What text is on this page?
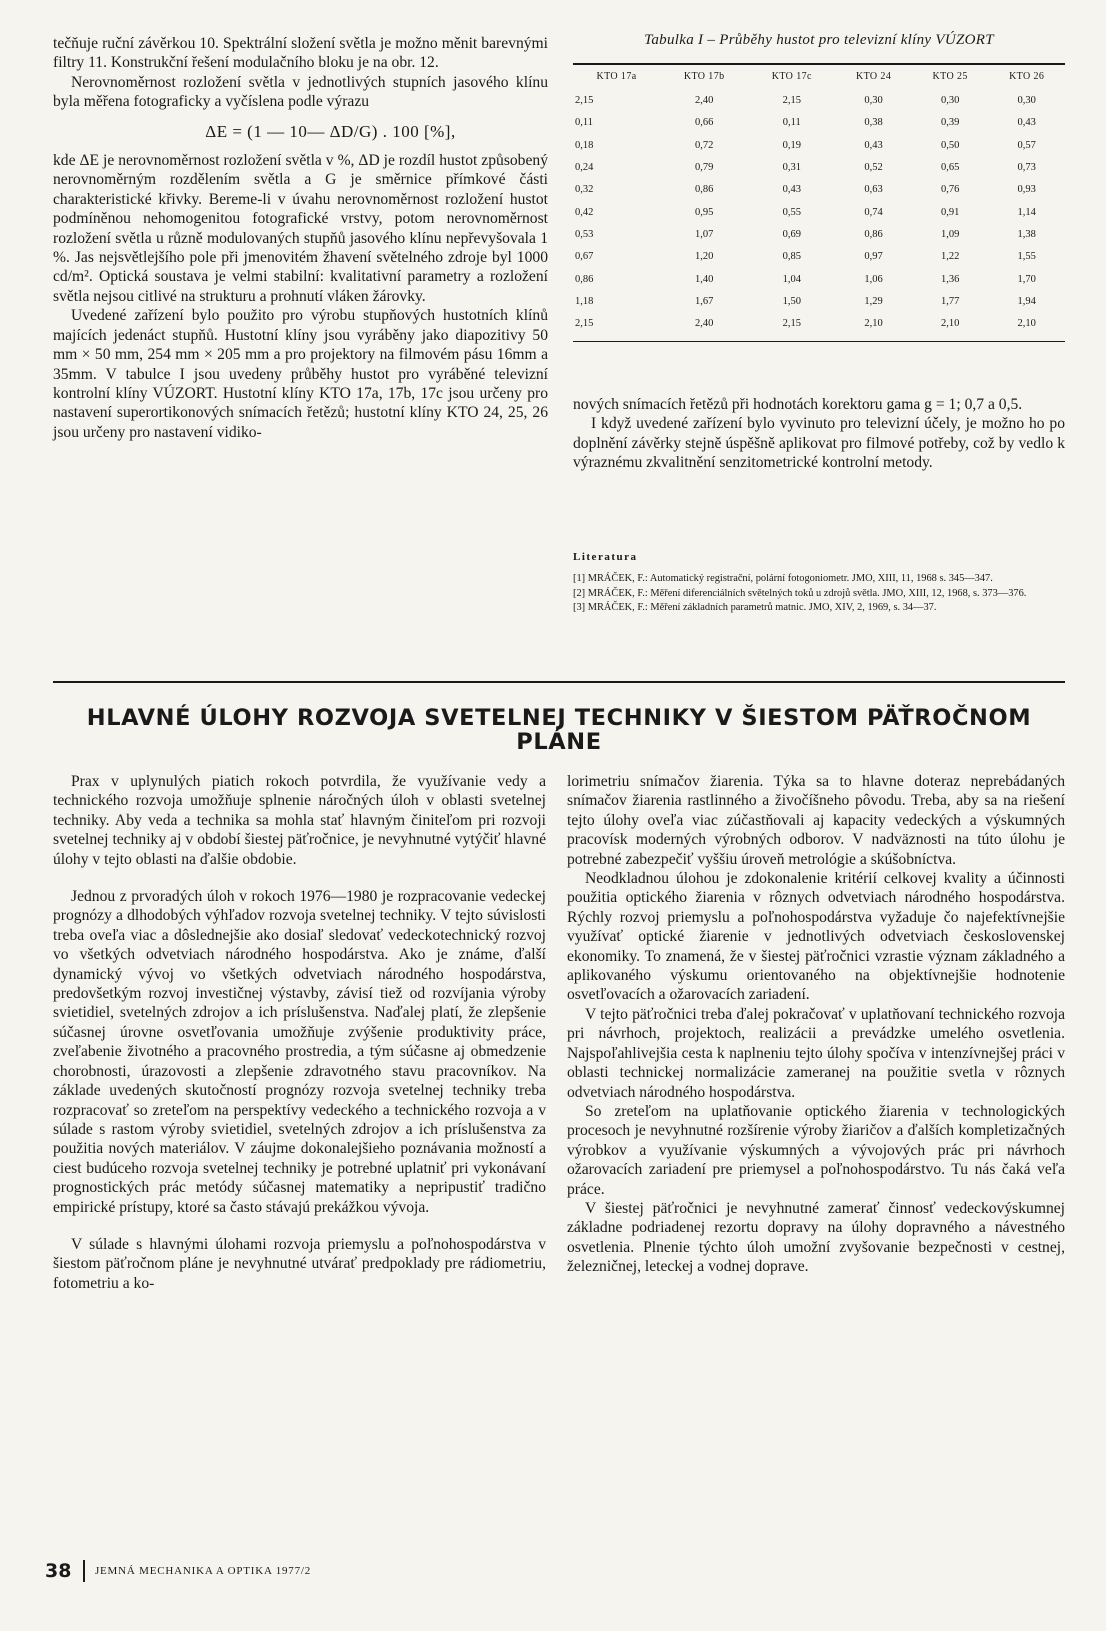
tečňuje ruční závěrkou 10. Spektrální složení světla je možno měnit barevnými filtry 11. Konstrukční řešení modulačního bloku je na obr. 12.

Nerovnoměrnost rozložení světla v jednotlivých stupních jasového klínu byla měřena fotograficky a vyčíslena podle výrazu

ΔE = (1 — 10— ΔD/G) . 100 [%],

kde ΔE je nerovnoměrnost rozložení světla v %, ΔD je rozdíl hustot způsobený nerovnoměrným rozdělením světla a G je směrnice přímkové části charakteristické křivky. Bereme-li v úvahu nerovnoměrnost rozložení hustot podmíněnou nehomogenitou fotografické vrstvy, potom nerovnoměrnost rozložení světla u různě modulovaných stupňů jasového klínu nepřevyšovala 1 %. Jas nejsvětlejšího pole při jmenovitém žhavení světelného zdroje byl 1000 cd/m². Optická soustava je velmi stabilní: kvalitativní parametry a rozložení světla nejsou citlivé na strukturu a prohnutí vláken žárovky.

Uvedené zařízení bylo použito pro výrobu stupňových hustotních klínů majících jedenáct stupňů. Hustotní klíny jsou vyráběny jako diapozitivy 50 mm × 50 mm, 254 mm × 205 mm a pro projektory na filmovém pásu 16mm a 35mm. V tabulce I jsou uvedeny průběhy hustot pro vyráběné televizní kontrolní klíny VÚZORT. Hustotní klíny KTO 17a, 17b, 17c jsou určeny pro nastavení superortikonových snímacích řetězů; hustotní klíny KTO 24, 25, 26 jsou určeny pro nastavení vidiko-

Tabulka I – Průběhy hustot pro televizní klíny VÚZORT
KTO 17a	KTO 17b	KTO 17c	KTO 24	KTO 25	KTO 26
2,15	2,40	2,15	0,30	0,30	0,30
0,11	0,66	0,11	0,38	0,39	0,43
0,18	0,72	0,19	0,43	0,50	0,57
0,24	0,79	0,31	0,52	0,65	0,73
0,32	0,86	0,43	0,63	0,76	0,93
0,42	0,95	0,55	0,74	0,91	1,14
0,53	1,07	0,69	0,86	1,09	1,38
0,67	1,20	0,85	0,97	1,22	1,55
0,86	1,40	1,04	1,06	1,36	1,70
1,18	1,67	1,50	1,29	1,77	1,94
2,15	2,40	2,15	2,10	2,10	2,10

nových snímacích řetězů při hodnotách korektoru gama g = 1; 0,7 a 0,5.

I když uvedené zařízení bylo vyvinuto pro televizní účely, je možno ho po doplnění závěrky stejně úspěšně aplikovat pro filmové potřeby, což by vedlo k výraznému zkvalitnění senzitometrické kontrolní metody.

Literatura

[1] MRÁČEK, F.: Automatický registrační, polární fotogoniometr. JMO, XIII, 11, 1968 s. 345—347.

[2] MRÁČEK, F.: Měření diferenciálních světelných toků u zdrojů světla. JMO, XIII, 12, 1968, s. 373—376.

[3] MRÁČEK, F.: Měření základních parametrů matnic. JMO, XIV, 2, 1969, s. 34—37.

HLAVNÉ ÚLOHY ROZVOJA SVETELNEJ TECHNIKY V ŠIESTOM PÄŤROČNOM
PLÁNE

Prax v uplynulých piatich rokoch potvrdila, že využívanie vedy a technického rozvoja umožňuje splnenie náročných úloh v oblasti svetelnej techniky. Aby veda a technika sa mohla stať hlavným činiteľom pri rozvoji svetelnej techniky aj v období šiestej päťročnice, je nevyhnutné vytýčiť hlavné úlohy v tejto oblasti na ďalšie obdobie.

Jednou z prvoradých úloh v rokoch 1976—1980 je rozpracovanie vedeckej prognózy a dlhodobých výhľadov rozvoja svetelnej techniky. V tejto súvislosti treba oveľa viac a dôslednejšie ako dosiaľ sledovať vedeckotechnický rozvoj vo všetkých odvetviach národného hospodárstva. Ako je známe, ďalší dynamický vývoj vo všetkých odvetviach národného hospodárstva, predovšetkým rozvoj investičnej výstavby, závisí tiež od rozvíjania výroby svietidiel, svetelných zdrojov a ich príslušenstva. Naďalej platí, že zlepšenie súčasnej úrovne osvetľovania umožňuje zvýšenie produktivity práce, zveľabenie životného a pracovného prostredia, a tým súčasne aj obmedzenie chorobnosti, úrazovosti a zlepšenie zdravotného stavu pracovníkov. Na základe uvedených skutočností prognózy rozvoja svetelnej techniky treba rozpracovať so zreteľom na perspektívy vedeckého a technického rozvoja a v súlade s rastom výroby svietidiel, svetelných zdrojov a ich príslušenstva za použitia nových materiálov. V záujme dokonalejšieho poznávania možností a ciest budúceho rozvoja svetelnej techniky je potrebné uplatniť pri vykonávaní prognostických prác metódy súčasnej matematiky a nepripustiť tradično empirické prístupy, ktoré sa často stávajú prekážkou vývoja.

V súlade s hlavnými úlohami rozvoja priemyslu a poľnohospodárstva v šiestom päťročnom pláne je nevyhnutné utvárať predpoklady pre rádiometriu, fotometriu a ko-

lorimetriu snímačov žiarenia. Týka sa to hlavne doteraz neprebádaných snímačov žiarenia rastlinného a živočíšneho pôvodu. Treba, aby sa na riešení tejto úlohy oveľa viac zúčastňovali aj kapacity vedeckých a výskumných pracovísk moderných výrobných odborov. V nadväznosti na túto úlohu je potrebné zabezpečiť vyššiu úroveň metrológie a skúšobníctva.

Neodkladnou úlohou je zdokonalenie kritérií celkovej kvality a účinnosti použitia optického žiarenia v rôznych odvetviach národného hospodárstva. Rýchly rozvoj priemyslu a poľnohospodárstva vyžaduje čo najefektívnejšie využívať optické žiarenie v jednotlivých odvetviach československej ekonomiky. To znamená, že v šiestej päťročnici vzrastie význam základného a aplikovaného výskumu orientovaného na objektívnejšie hodnotenie osvetľovacích a ožarovacích zariadení.

V tejto päťročnici treba ďalej pokračovať v uplatňovaní technického rozvoja pri návrhoch, projektoch, realizácii a prevádzke umelého osvetlenia. Najspoľahlivejšia cesta k naplneniu tejto úlohy spočíva v intenzívnejšej práci v oblasti technickej normalizácie zameranej na použitie svetla v rôznych odvetviach národného hospodárstva.

So zreteľom na uplatňovanie optického žiarenia v technologických procesoch je nevyhnutné rozšírenie výroby žiaričov a ďalších kompletizačných výrobkov a využívanie výskumných a vývojových prác pri návrhoch ožarovacích zariadení pre priemysel a poľnohospodárstvo. Tu nás čaká veľa práce.

V šiestej päťročnici je nevyhnutné zamerať činnosť vedeckovýskumnej základne podriadenej rezortu dopravy na úlohy dopravného a návestného osvetlenia. Plnenie týchto úloh umožní zvyšovanie bezpečnosti v cestnej, železničnej, leteckej a vodnej doprave.

38 JEMNÁ MECHANIKA A OPTIKA 1977/2
